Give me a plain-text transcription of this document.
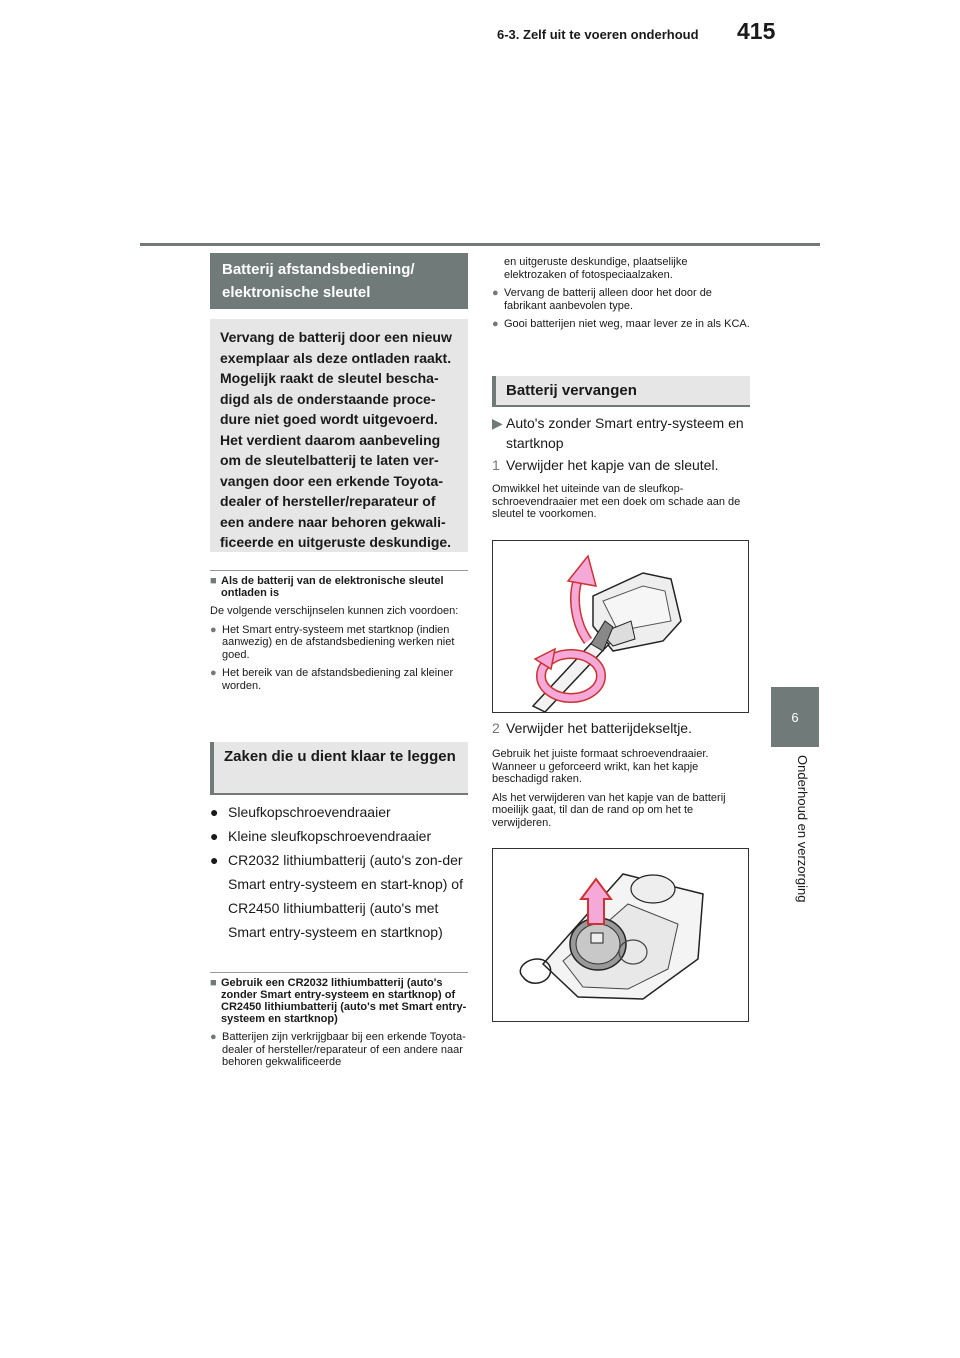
6-3. Zelf uit te voeren onderhoud 415
6
Onderhoud en verzorging
Batterij afstandsbediening/ elektronische sleutel
Vervang de batterij door een nieuw exemplaar als deze ontladen raakt. Mogelijk raakt de sleutel bescha-digd als de onderstaande proce-dure niet goed wordt uitgevoerd. Het verdient daarom aanbeveling om de sleutelbatterij te laten ver-vangen door een erkende Toyota-dealer of hersteller/reparateur of een andere naar behoren gekwali-ficeerde en uitgeruste deskundige.
■ Als de batterij van de elektronische sleutel ontladen is
De volgende verschijnselen kunnen zich voordoen:
● Het Smart entry-systeem met startknop (indien aanwezig) en de afstandsbediening werken niet goed.
● Het bereik van de afstandsbediening zal kleiner worden.
Zaken die u dient klaar te leggen
● Sleufkopschroevendraaier
● Kleine sleufkopschroevendraaier
● CR2032 lithiumbatterij (auto's zon-der Smart entry-systeem en start-knop) of CR2450 lithiumbatterij (auto's met Smart entry-systeem en startknop)
■ Gebruik een CR2032 lithiumbatterij (auto's zonder Smart entry-systeem en startknop) of CR2450 lithiumbatterij (auto's met Smart entry-systeem en startknop)
● Batterijen zijn verkrijgbaar bij een erkende Toyota-dealer of hersteller/reparateur of een andere naar behoren gekwalificeerde
en uitgeruste deskundige, plaatselijke elektrozaken of fotospeciaalzaken.
● Vervang de batterij alleen door het door de fabrikant aanbevolen type.
● Gooi batterijen niet weg, maar lever ze in als KCA.
Batterij vervangen
▶ Auto's zonder Smart entry-systeem en startknop
1 Verwijder het kapje van de sleutel.
Omwikkel het uiteinde van de sleufkop-schroevendraaier met een doek om schade aan de sleutel te voorkomen.
2 Verwijder het batterijdekseltje.
Gebruik het juiste formaat schroevendraaier. Wanneer u geforceerd wrikt, kan het kapje beschadigd raken.
Als het verwijderen van het kapje van de batterij moeilijk gaat, til dan de rand op om het te verwijderen.
